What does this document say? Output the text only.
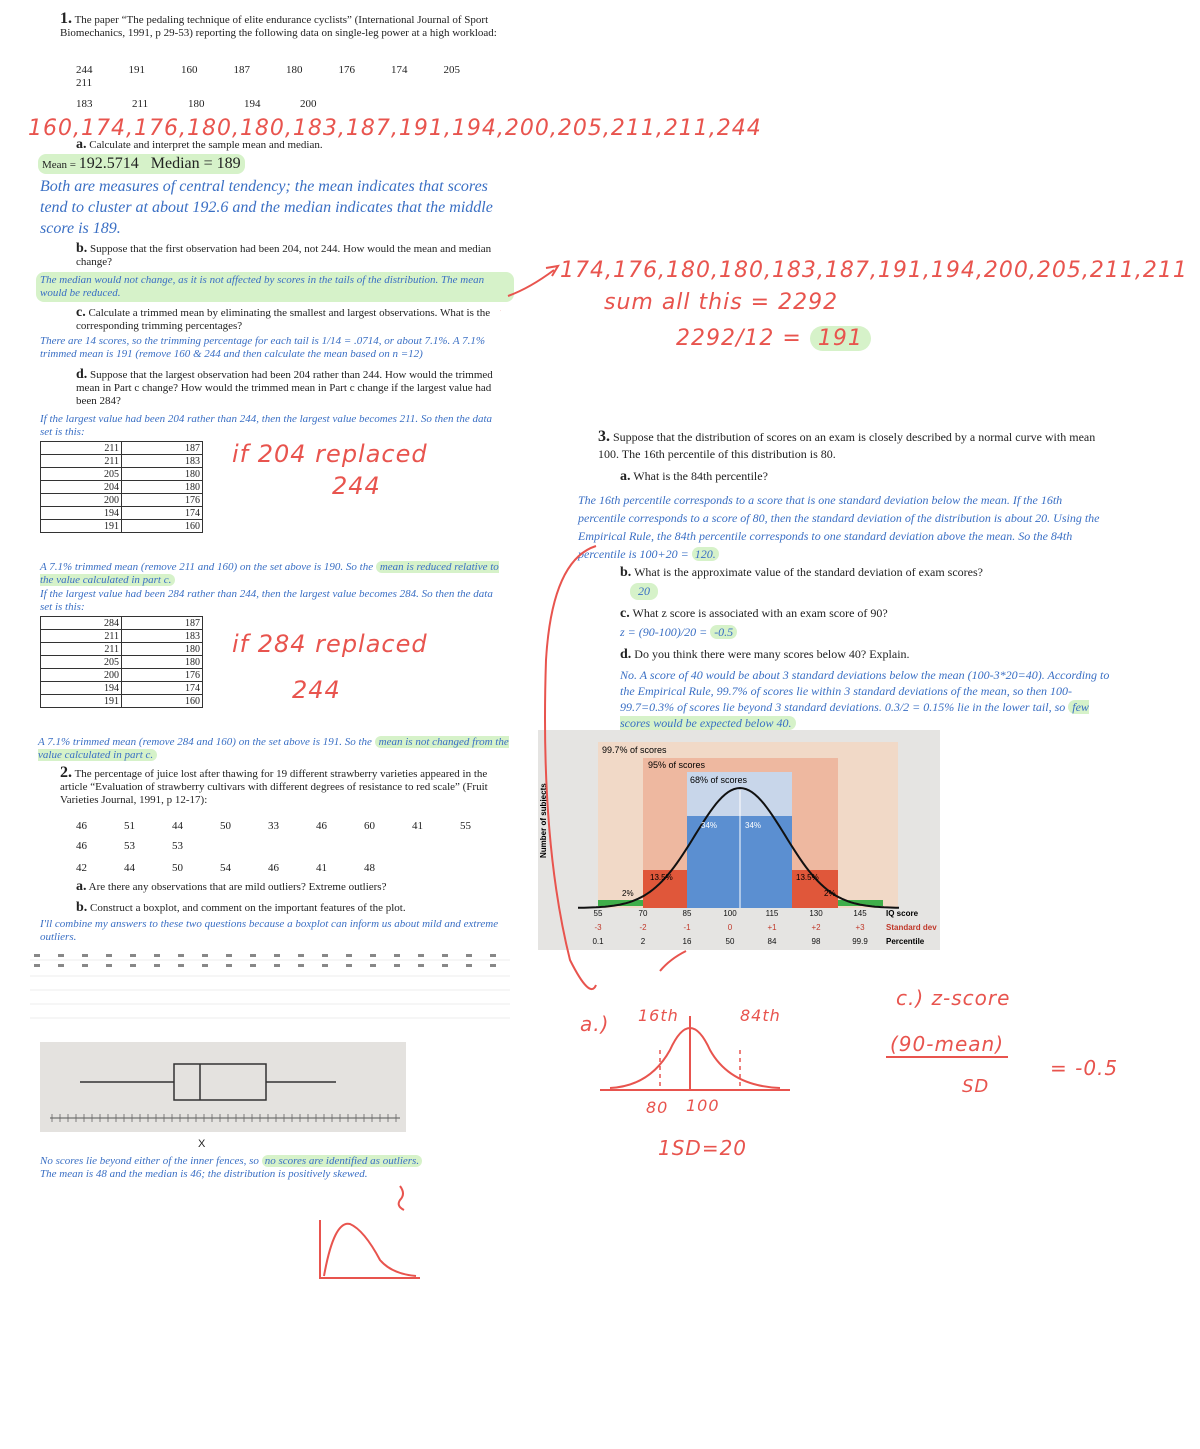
1. The paper “The pedaling technique of elite endurance cyclists” (International Journal of Sport Biomechanics, 1991, p 29-53) reporting the following data on single-leg power at a high workload:
244	191	160	187	180	176	174	205
211
183	211	180	194	200
160,174,176,180,180,183,187,191,194,200,205,211,211,244
a. Calculate and interpret the sample mean and median.
Mean = 192.5714 Median = 189
Both are measures of central tendency; the mean indicates that scores tend to cluster at about 192.6 and the median indicates that the middle score is 189.
b. Suppose that the first observation had been 204, not 244. How would the mean and median change?
The median would not change, as it is not affected by scores in the tails of the distribution. The mean would be reduced.
c. Calculate a trimmed mean by eliminating the smallest and largest observations. What is the corresponding trimming percentages?
There are 14 scores, so the trimming percentage for each tail is 1/14 = .0714, or about 7.1%. A 7.1% trimmed mean is 191 (remove 160 & 244 and then calculate the mean based on n =12)
d. Suppose that the largest observation had been 204 rather than 244. How would the trimmed mean in Part c change? How would the trimmed mean in Part c change if the largest value had been 284?
If the largest value had been 204 rather than 244, then the largest value becomes 211. So then the data set is this:
211	187
211	183
205	180
204	180
200	176
194	174
191	160
if 204 replaced
244
A 7.1% trimmed mean (remove 211 and 160) on the set above is 190. So the mean is reduced relative to the value calculated in part c.
If the largest value had been 284 rather than 244, then the largest value becomes 284. So then the data set is this:
284	187
211	183
211	180
205	180
200	176
194	174
191	160
if 284 replaced
244
A 7.1% trimmed mean (remove 284 and 160) on the set above is 191. So the mean is not changed from the value calculated in part c.
174,176,180,180,183,187,191,194,200,205,211,211
sum all this = 2292
2292/12 = 191
2. The percentage of juice lost after thawing for 19 different strawberry varieties appeared in the article “Evaluation of strawberry cultivars with different degrees of resistance to red scale” (Fruit Varieties Journal, 1991, p 12-17):
46	51	44	50	33	46	60	41	55
46	53	53
42	44	50	54	46	41	48
a. Are there any observations that are mild outliers? Extreme outliers?
b. Construct a boxplot, and comment on the important features of the plot.
I'll combine my answers to these two questions because a boxplot can inform us about mild and extreme outliers.
X
No scores lie beyond either of the inner fences, so no scores are identified as outliers.
The mean is 48 and the median is 46; the distribution is positively skewed.
3. Suppose that the distribution of scores on an exam is closely described by a normal curve with mean 100. The 16th percentile of this distribution is 80.
a. What is the 84th percentile?
The 16th percentile corresponds to a score that is one standard deviation below the mean. If the 16th percentile corresponds to a score of 80, then the standard deviation of the distribution is about 20. Using the Empirical Rule, the 84th percentile corresponds to one standard deviation above the mean. So the 84th percentile is 100+20 = 120.
b. What is the approximate value of the standard deviation of exam scores?
20
c. What z score is associated with an exam score of 90?
z = (90-100)/20 = -0.5
d. Do you think there were many scores below 40? Explain.
No. A score of 40 would be about 3 standard deviations below the mean (100-3*20=40). According to the Empirical Rule, 99.7% of scores lie within 3 standard deviations of the mean, so then 100-99.7=0.3% of scores lie beyond 3 standard deviations. 0.3/2 = 0.15% lie in the lower tail, so few scores would be expected below 40.
99.7% of scores
95% of scores
68% of scores
34%	34%
13.5%	13.5%
2%	2%
Number of subjects
55	70	85	100	115	130	145
-3	-2	-1	0	+1	+2	+3
0.1	2	16	50	84	98	99.9
IQ score
Standard dev
Percentile
a.) 16th	84th
80 100
1SD=20
c.) z-score
(90-mean)
SD
= -0.5
